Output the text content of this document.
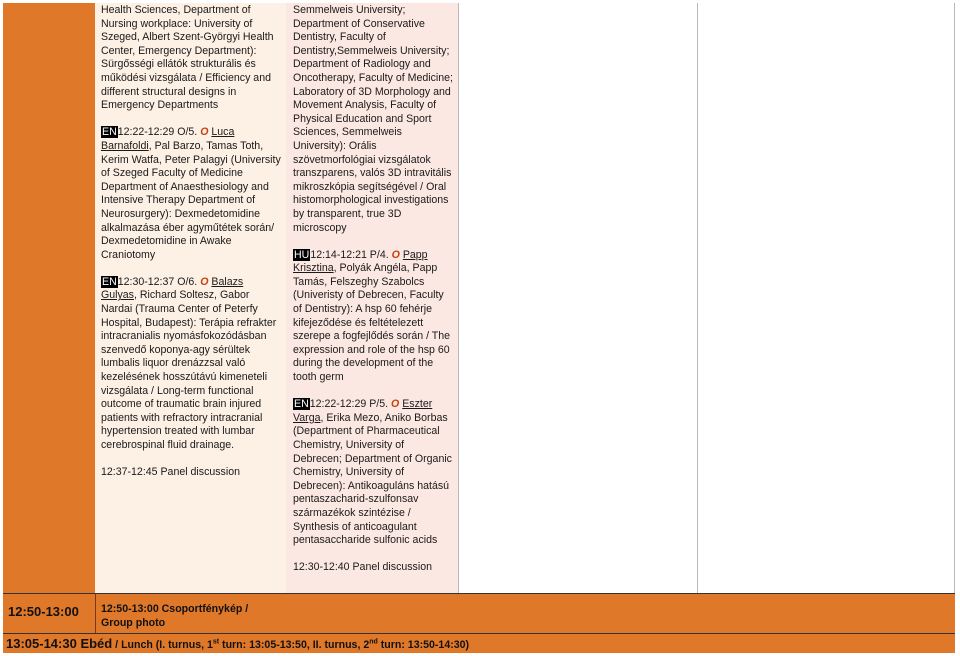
Health Sciences, Department of Nursing workplace: University of Szeged, Albert Szent-Györgyi Health Center, Emergency Department): Sürgősségi ellátók strukturális és működési vizsgálata / Efficiency and different structural designs in Emergency Departments

EN12:22-12:29 O/5. O Luca Barnafoldi, Pal Barzo, Tamas Toth, Kerim Watfa, Peter Palagyi (University of Szeged Faculty of Medicine Department of Anaesthesiology and Intensive Therapy Department of Neurosurgery): Dexmedetomidine alkalmazása éber agyműtétek során/ Dexmedetomidine in Awake Craniotomy

EN12:30-12:37 O/6. O Balazs Gulyas, Richard Soltesz, Gabor Nardai (Trauma Center of Peterfy Hospital, Budapest): Terápia refrakter intracranialis nyomásfokozódásban szenvedő koponya-agy sérültek lumbalis liquor drenázzsal való kezelésének hosszútávú kimeneteli vizsgálata / Long-term functional outcome of traumatic brain injured patients with refractory intracranial hypertension treated with lumbar cerebrospinal fluid drainage.

12:37-12:45 Panel discussion

Semmelweis University; Department of Conservative Dentistry, Faculty of Dentistry,Semmelweis University; Department of Radiology and Oncotherapy, Faculty of Medicine; Laboratory of 3D Morphology and Movement Analysis, Faculty of Physical Education and Sport Sciences, Semmelweis University): Orális szövetmorfológiai vizsgálatok transzparens, valós 3D intravitális mikroszkópia segítségével / Oral histomorphological investigations by transparent, true 3D microscopy

HU12:14-12:21 P/4. O Papp Krisztina, Polyák Angéla, Papp Tamás, Felszeghy Szabolcs (Univeristy of Debrecen, Faculty of Dentistry): A hsp 60 fehérje kifejeződése és feltételezett szerepe a fogfejlődés során / The expression and role of the hsp 60 during the development of the tooth germ

EN12:22-12:29 P/5. O Eszter Varga, Erika Mezo, Aniko Borbas (Department of Pharmaceutical Chemistry, University of Debrecen; Department of Organic Chemistry, University of Debrecen): Antikoaguláns hatású pentaszacharid-szulfonsav származékok szintézise / Synthesis of anticoagulant pentasaccharide sulfonic acids

12:30-12:40 Panel discussion

12:50-13:00 12:50-13:00 Csoportfénykép / Group photo
13:05-14:30 Ebéd / Lunch (I. turnus, 1st turn: 13:05-13:50, II. turnus, 2nd turn: 13:50-14:30)
